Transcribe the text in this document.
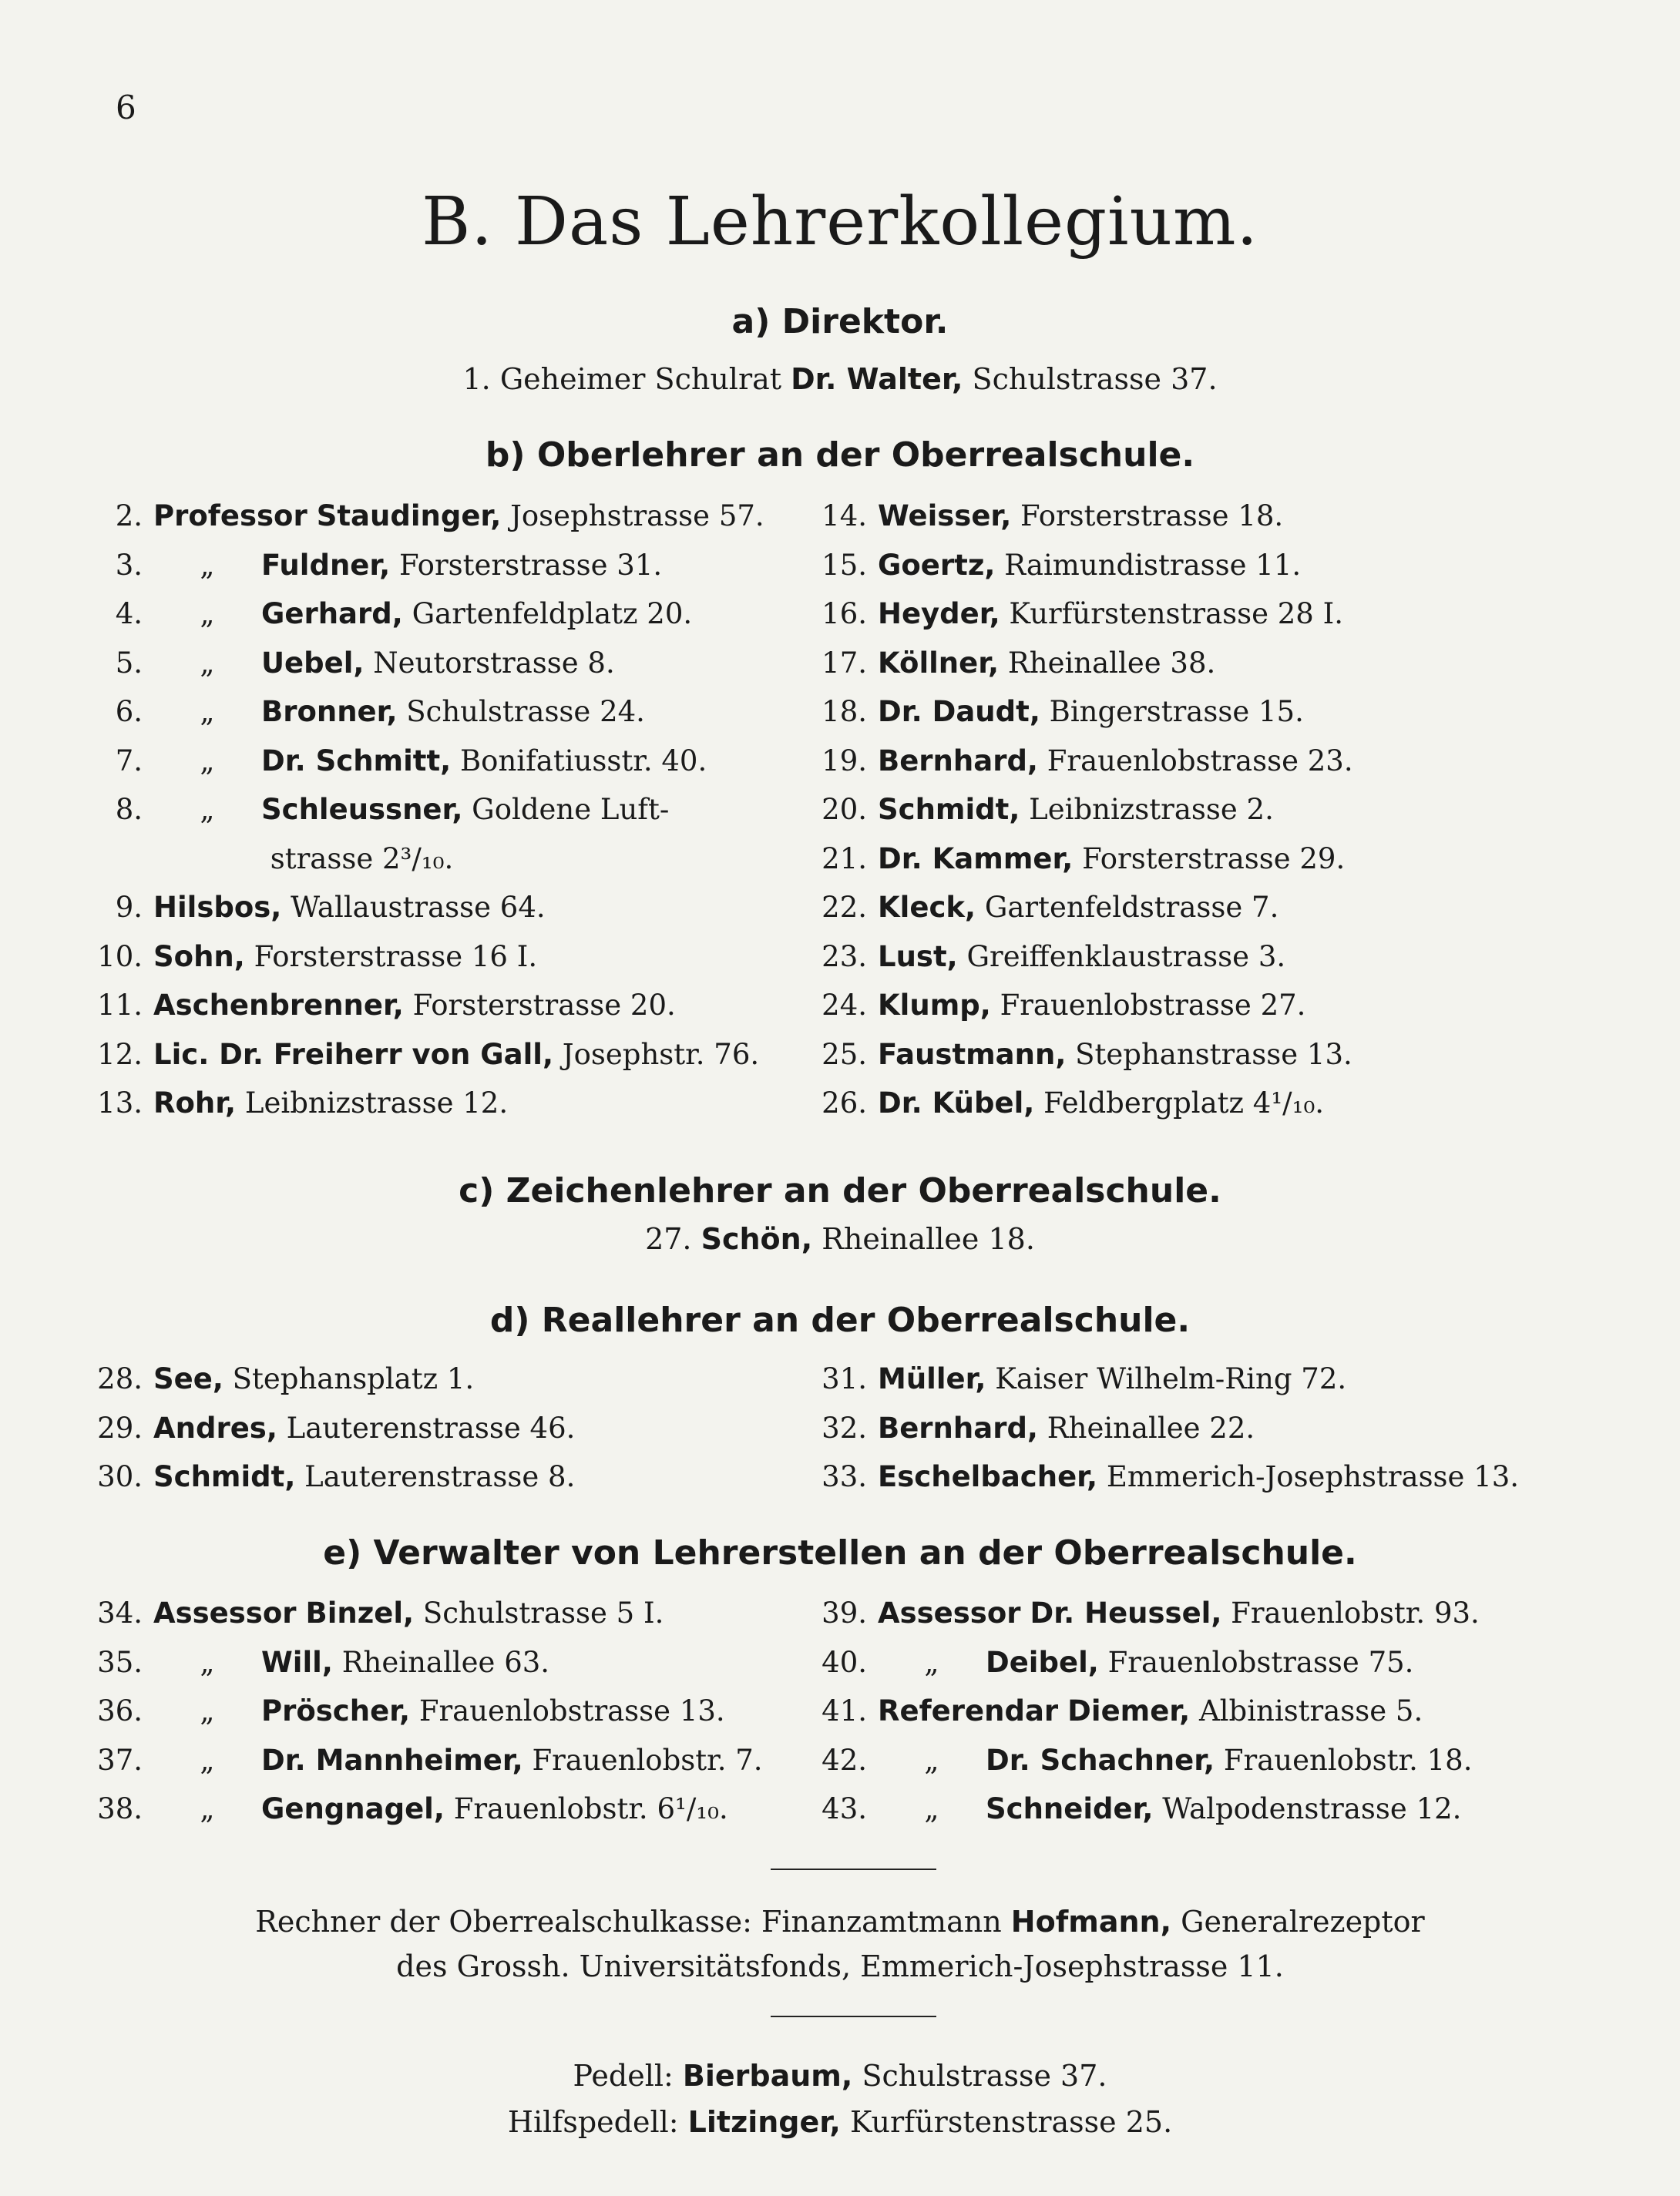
6
B. Das Lehrerkollegium.
a) Direktor.
1. Geheimer Schulrat Dr. Walter, Schulstrasse 37.
b) Oberlehrer an der Oberrealschule.
2. Professor Staudinger, Josephstrasse 57.
3. „ Fuldner, Forsterstrasse 31.
4. „ Gerhard, Gartenfeldplatz 20.
5. „ Uebel, Neutorstrasse 8.
6. „ Bronner, Schulstrasse 24.
7. „ Dr. Schmitt, Bonifatiusstr. 40.
8. „ Schleussner, Goldene Luft-
strasse 2³/₁₀.
9. Hilsbos, Wallaustrasse 64.
10. Sohn, Forsterstrasse 16 I.
11. Aschenbrenner, Forsterstrasse 20.
12. Lic. Dr. Freiherr von Gall, Josephstr. 76.
13. Rohr, Leibnizstrasse 12.
14. Weisser, Forsterstrasse 18.
15. Goertz, Raimundistrasse 11.
16. Heyder, Kurfürstenstrasse 28 I.
17. Köllner, Rheinallee 38.
18. Dr. Daudt, Bingerstrasse 15.
19. Bernhard, Frauenlobstrasse 23.
20. Schmidt, Leibnizstrasse 2.
21. Dr. Kammer, Forsterstrasse 29.
22. Kleck, Gartenfeldstrasse 7.
23. Lust, Greiffenklaustrasse 3.
24. Klump, Frauenlobstrasse 27.
25. Faustmann, Stephanstrasse 13.
26. Dr. Kübel, Feldbergplatz 4¹/₁₀.
c) Zeichenlehrer an der Oberrealschule.
27. Schön, Rheinallee 18.
d) Reallehrer an der Oberrealschule.
28. See, Stephansplatz 1.
29. Andres, Lauterenstrasse 46.
30. Schmidt, Lauterenstrasse 8.
31. Müller, Kaiser Wilhelm-Ring 72.
32. Bernhard, Rheinallee 22.
33. Eschelbacher, Emmerich-Josephstrasse 13.
e) Verwalter von Lehrerstellen an der Oberrealschule.
34. Assessor Binzel, Schulstrasse 5 I.
35. „ Will, Rheinallee 63.
36. „ Pröscher, Frauenlobstrasse 13.
37. „ Dr. Mannheimer, Frauenlobstr. 7.
38. „ Gengnagel, Frauenlobstr. 6¹/₁₀.
39. Assessor Dr. Heussel, Frauenlobstr. 93.
40. „ Deibel, Frauenlobstrasse 75.
41. Referendar Diemer, Albinistrasse 5.
42. „ Dr. Schachner, Frauenlobstr. 18.
43. „ Schneider, Walpodenstrasse 12.
Rechner der Oberrealschulkasse: Finanzamtmann Hofmann, Generalrezeptor
des Grossh. Universitätsfonds, Emmerich-Josephstrasse 11.
Pedell: Bierbaum, Schulstrasse 37.
Hilfspedell: Litzinger, Kurfürstenstrasse 25.
